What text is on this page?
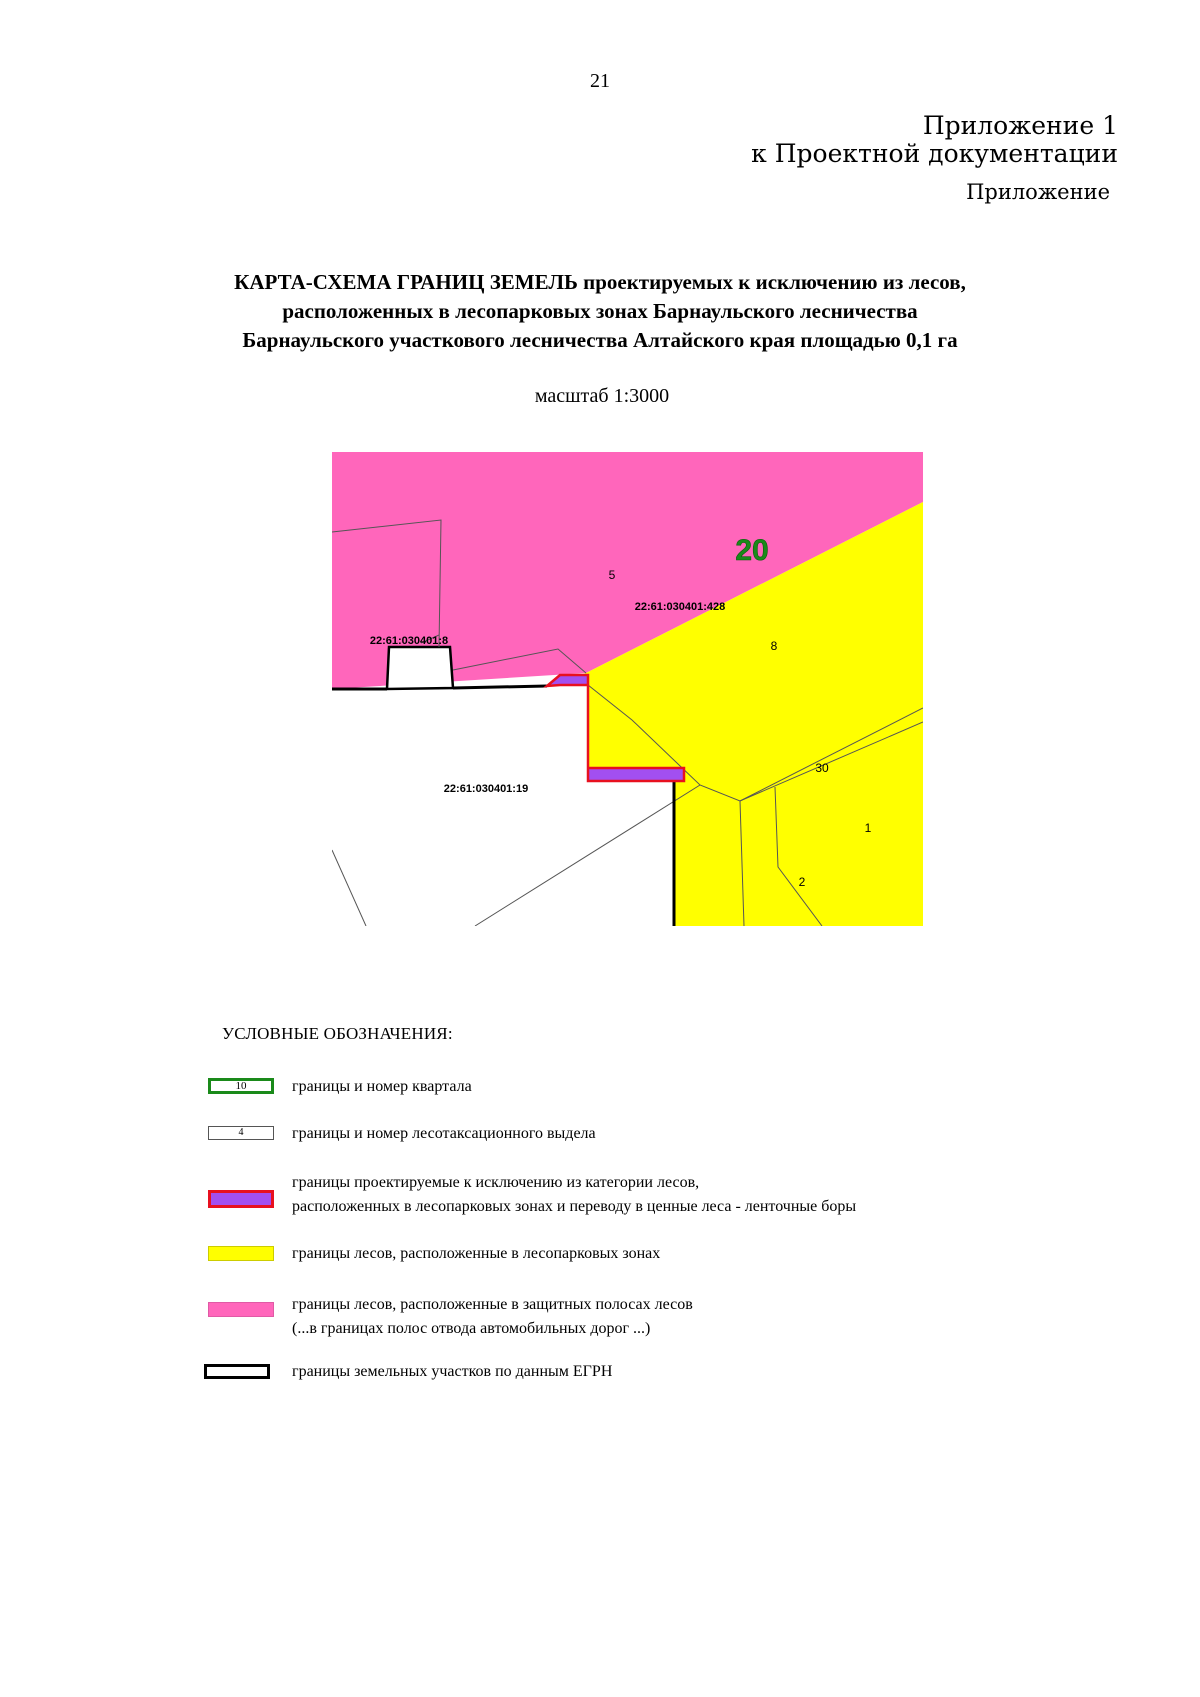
21
Приложение 1
к Проектной документации
Приложение
КАРТА-СХЕМА ГРАНИЦ ЗЕМЕЛЬ проектируемых к исключению из лесов,
расположенных в лесопарковых зонах Барнаульского лесничества
Барнаульского участкового лесничества Алтайского края площадью 0,1 га
масштаб 1:3000
20
5
22:61:030401:428
22:61:030401:8	8
30
22:61:030401:19
1
2
УСЛОВНЫЕ ОБОЗНАЧЕНИЯ:
10	границы и номер квартала
4	границы и номер лесотаксационного выдела
границы проектируемые к исключению из категории лесов,
расположенных в лесопарковых зонах и переводу в ценные леса - ленточные боры
границы лесов, расположенные в лесопарковых зонах
границы лесов, расположенные в защитных полосах лесов
(...в границах полос отвода автомобильных дорог ...)
границы земельных участков по данным ЕГРН
